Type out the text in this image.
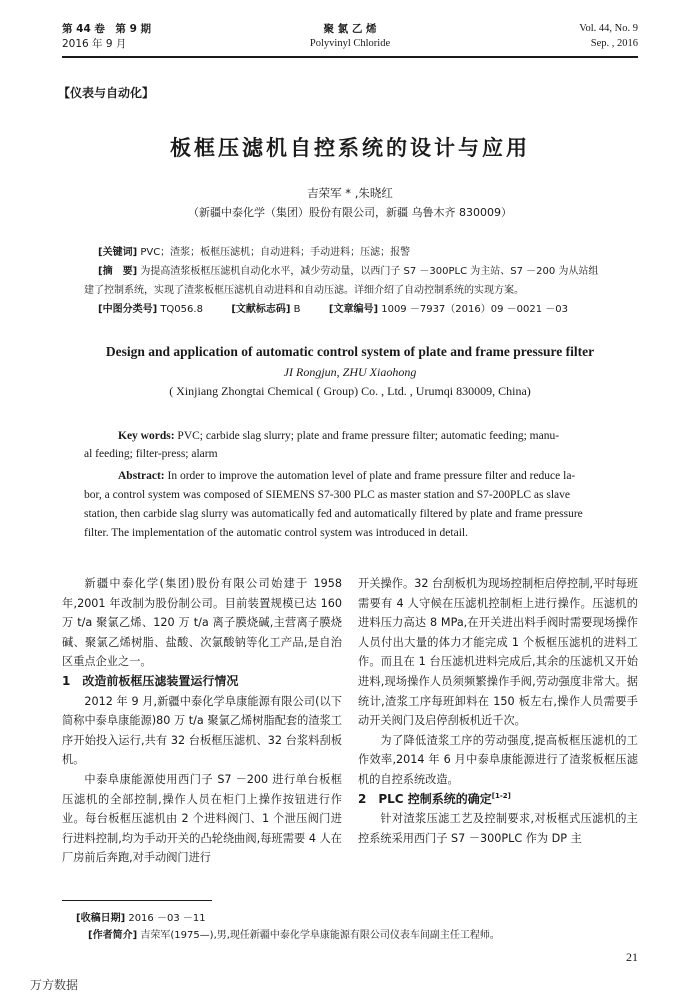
第 44 卷　第 9 期
2016 年 9 月
聚 氯 乙 烯
Polyvinyl Chloride
Vol. 44, No. 9
Sep. , 2016
【仪表与自动化】
板框压滤机自控系统的设计与应用
吉荣军 * ,朱晓红
（新疆中泰化学（集团）股份有限公司，新疆 乌鲁木齐 830009）
[关键词] PVC；渣浆；板框压滤机；自动进料；手动进料；压滤；报警
[摘　要] 为提高渣浆板框压滤机自动化水平，减少劳动量，以西门子 S7 －300PLC 为主站、S7 －200 为从站组
建了控制系统，实现了渣浆板框压滤机自动进料和自动压滤。详细介绍了自动控制系统的实现方案。
[中图分类号] TQ056.8	[文献标志码] B	[文章编号] 1009 －7937（2016）09 －0021 －03
Design and application of automatic control system of plate and frame pressure filter
JI Rongjun, ZHU Xiaohong
( Xinjiang Zhongtai Chemical ( Group) Co. , Ltd. , Urumqi 830009, China)
Key words: PVC; carbide slag slurry; plate and frame pressure filter; automatic feeding; manu-
al feeding; filter-press; alarm
Abstract: In order to improve the automation level of plate and frame pressure filter and reduce la-
bor, a control system was composed of SIEMENS S7-300 PLC as master station and S7-200PLC as slave
station, then carbide slag slurry was automatically fed and automatically filtered by plate and frame pressure
filter. The implementation of the automatic control system was introduced in detail.
新疆中泰化学(集团)股份有限公司始建于 1958 年,2001 年改制为股份制公司。目前装置规模已达 160 万 t/a 聚氯乙烯、120 万 t/a 离子膜烧碱,主营离子膜烧碱、聚氯乙烯树脂、盐酸、次氯酸钠等化工产品,是自治区重点企业之一。
1　改造前板框压滤装置运行情况
2012 年 9 月,新疆中泰化学阜康能源有限公司(以下简称中泰阜康能源)80 万 t/a 聚氯乙烯树脂配套的渣浆工序开始投入运行,共有 32 台板框压滤机、32 台浆料刮板机。
中泰阜康能源使用西门子 S7 －200 进行单台板框压滤机的全部控制,操作人员在柜门上操作按钮进行作业。每台板框压滤机由 2 个进料阀门、1 个泄压阀门进行进料控制,均为手动开关的凸轮绕曲阀,每班需要 4 人在厂房前后奔跑,对手动阀门进行
开关操作。32 台刮板机为现场控制柜启停控制,平时每班需要有 4 人守候在压滤机控制柜上进行操作。压滤机的进料压力高达 8 MPa,在开关进出料手阀时需要现场操作人员付出大量的体力才能完成 1 个板框压滤机的进料工作。而且在 1 台压滤机进料完成后,其余的压滤机又开始进料,现场操作人员须频繁操作手阀,劳动强度非常大。据统计,渣浆工序每班卸料在 150 板左右,操作人员需要手动开关阀门及启停刮板机近千次。
为了降低渣浆工序的劳动强度,提高板框压滤机的工作效率,2014 年 6 月中泰阜康能源进行了渣浆板框压滤机的自控系统改造。
2　PLC 控制系统的确定[1-2]
针对渣浆压滤工艺及控制要求,对板框式压滤机的主控系统采用西门子 S7 －300PLC 作为 DP 主
[收稿日期] 2016 －03 －11
[作者简介] 吉荣军(1975—),男,现任新疆中泰化学阜康能源有限公司仪表车间副主任工程师。
21
万方数据
